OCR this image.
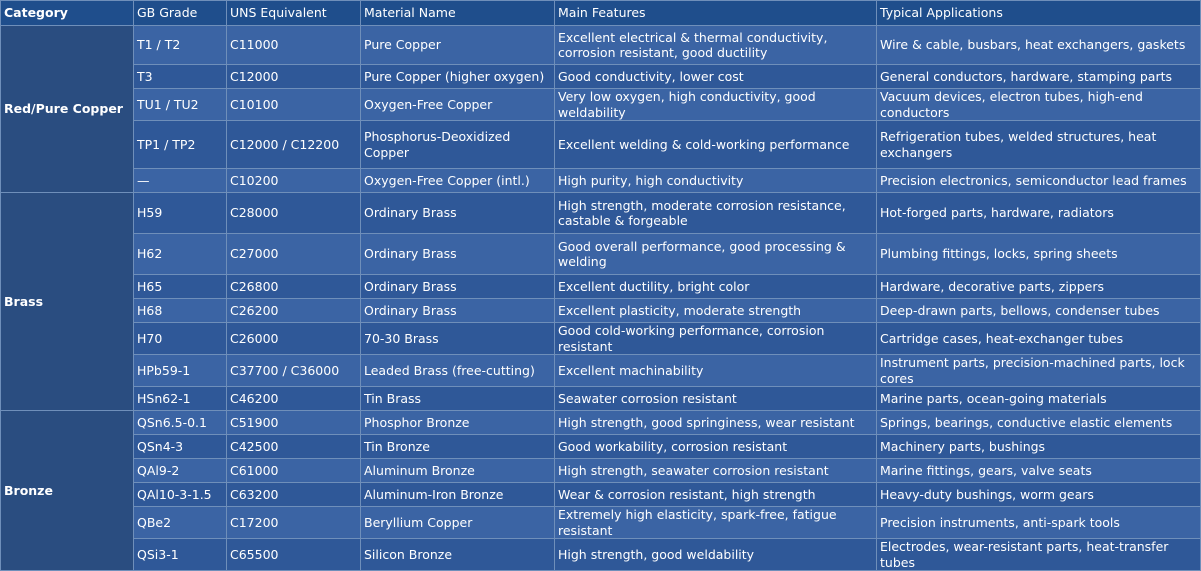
Category	GB Grade	UNS Equivalent	Material Name	Main Features	Typical Applications
Red/Pure Copper	T1 / T2	C11000	Pure Copper	Excellent electrical & thermal conductivity, corrosion resistant, good ductility	Wire & cable, busbars, heat exchangers, gaskets
	T3	C12000	Pure Copper (higher oxygen)	Good conductivity, lower cost	General conductors, hardware, stamping parts
	TU1 / TU2	C10100	Oxygen-Free Copper	Very low oxygen, high conductivity, good weldability	Vacuum devices, electron tubes, high-end conductors
	TP1 / TP2	C12000 / C12200	Phosphorus-Deoxidized Copper	Excellent welding & cold-working performance	Refrigeration tubes, welded structures, heat exchangers
	—	C10200	Oxygen-Free Copper (intl.)	High purity, high conductivity	Precision electronics, semiconductor lead frames
Brass	H59	C28000	Ordinary Brass	High strength, moderate corrosion resistance, castable & forgeable	Hot-forged parts, hardware, radiators
	H62	C27000	Ordinary Brass	Good overall performance, good processing & welding	Plumbing fittings, locks, spring sheets
	H65	C26800	Ordinary Brass	Excellent ductility, bright color	Hardware, decorative parts, zippers
	H68	C26200	Ordinary Brass	Excellent plasticity, moderate strength	Deep-drawn parts, bellows, condenser tubes
	H70	C26000	70-30 Brass	Good cold-working performance, corrosion resistant	Cartridge cases, heat-exchanger tubes
	HPb59-1	C37700 / C36000	Leaded Brass (free-cutting)	Excellent machinability	Instrument parts, precision-machined parts, lock cores
	HSn62-1	C46200	Tin Brass	Seawater corrosion resistant	Marine parts, ocean-going materials
Bronze	QSn6.5-0.1	C51900	Phosphor Bronze	High strength, good springiness, wear resistant	Springs, bearings, conductive elastic elements
	QSn4-3	C42500	Tin Bronze	Good workability, corrosion resistant	Machinery parts, bushings
	QAl9-2	C61000	Aluminum Bronze	High strength, seawater corrosion resistant	Marine fittings, gears, valve seats
	QAl10-3-1.5	C63200	Aluminum-Iron Bronze	Wear & corrosion resistant, high strength	Heavy-duty bushings, worm gears
	QBe2	C17200	Beryllium Copper	Extremely high elasticity, spark-free, fatigue resistant	Precision instruments, anti-spark tools
	QSi3-1	C65500	Silicon Bronze	High strength, good weldability	Electrodes, wear-resistant parts, heat-transfer tubes
